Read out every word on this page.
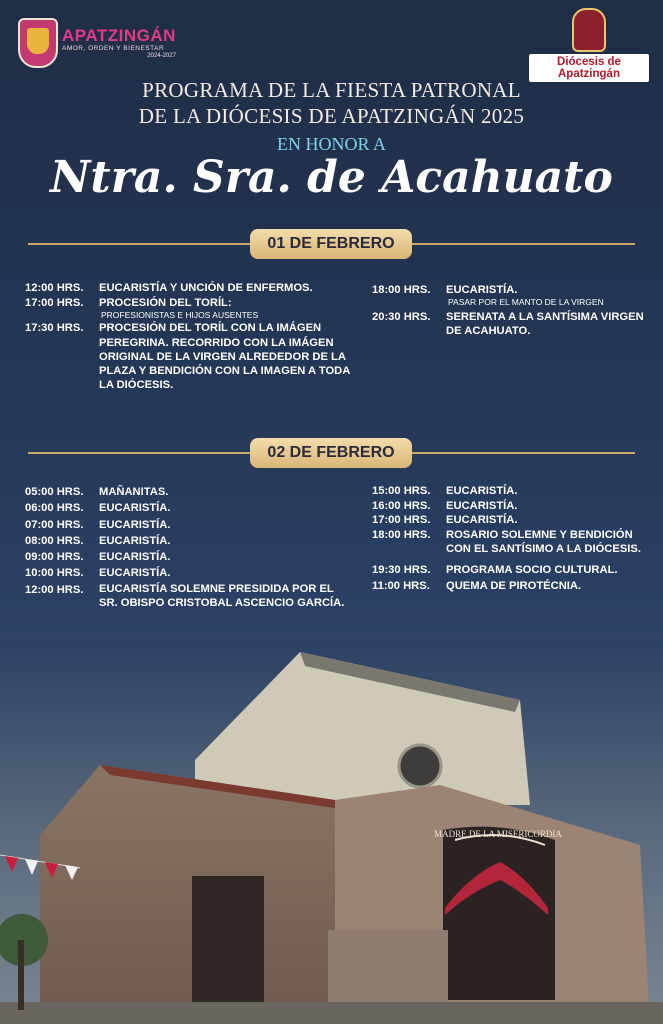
APATZINGÁN
AMOR, ORDEN Y BIENESTAR
2024-2027
Diócesis de Apatzingán
PROGRAMA DE LA FIESTA PATRONAL
DE LA DIÓCESIS DE APATZINGÁN 2025
EN HONOR A
Ntra. Sra. de Acahuato
01 DE FEBRERO
12:00 HRS.	EUCARISTÍA Y UNCIÓN DE ENFERMOS.
17:00 HRS.	PROCESIÓN DEL TORÍL:
PROFESIONISTAS E HIJOS AUSENTES
17:30 HRS.	PROCESIÓN DEL TORÍL CON LA IMÁGEN PEREGRINA. RECORRIDO CON LA IMÁGEN ORIGINAL DE LA VIRGEN ALREDEDOR DE LA PLAZA Y BENDICIÓN CON LA IMAGEN A TODA LA DIÓCESIS.
18:00 HRS.	EUCARISTÍA.
PASAR POR EL MANTO DE LA VIRGEN
20:30 HRS.	SERENATA A LA SANTÍSIMA VIRGEN DE ACAHUATO.
02 DE FEBRERO
05:00 HRS.	MAÑANITAS.
06:00 HRS.	EUCARISTÍA.
07:00 HRS.	EUCARISTÍA.
08:00 HRS.	EUCARISTÍA.
09:00 HRS.	EUCARISTÍA.
10:00 HRS.	EUCARISTÍA.
12:00 HRS.	EUCARISTÍA SOLEMNE PRESIDIDA POR EL SR. OBISPO CRISTOBAL ASCENCIO GARCÍA.
15:00 HRS.	EUCARISTÍA.
16:00 HRS.	EUCARISTÍA.
17:00 HRS.	EUCARISTÍA.
18:00 HRS.	ROSARIO SOLEMNE Y BENDICIÓN CON EL SANTÍSIMO A LA DIÓCESIS.
19:30 HRS.	PROGRAMA SOCIO CULTURAL.
11:00 HRS.	QUEMA DE PIROTÉCNIA.
MADRE DE LA MISERICORDIA
